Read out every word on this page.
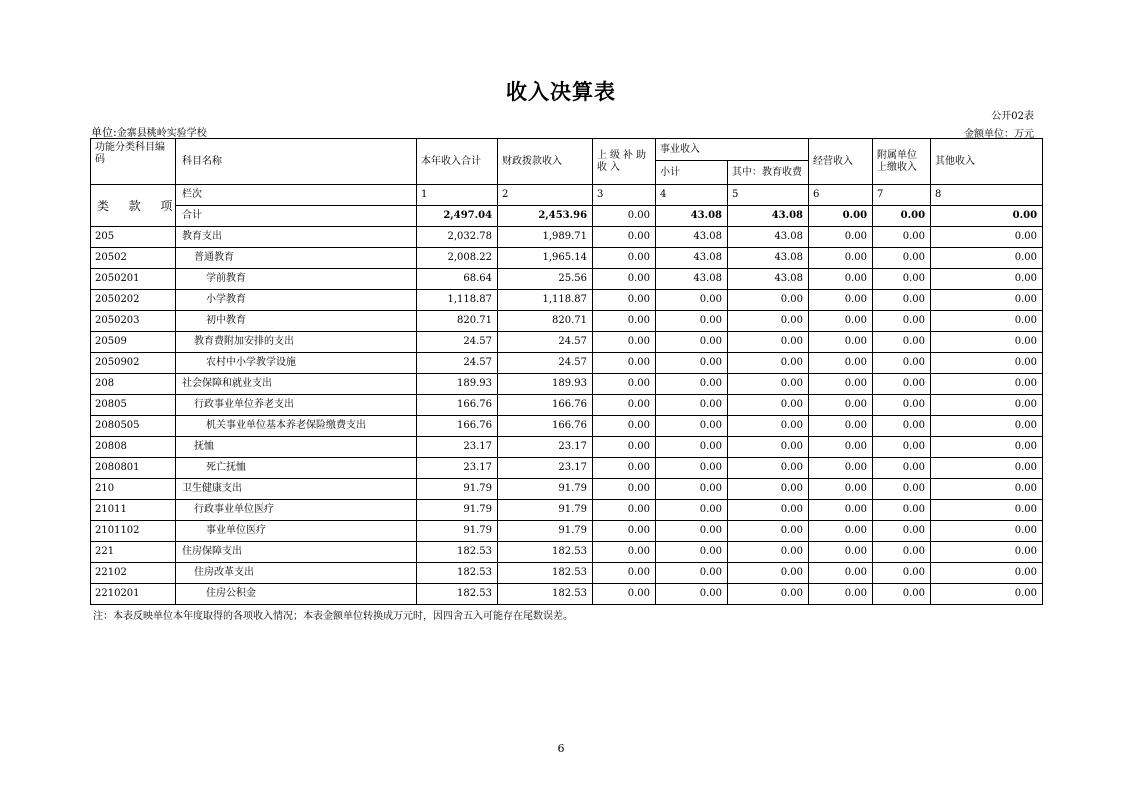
收入决算表
公开02表
单位:金寨县桃岭实验学校	金额单位：万元
功能分类科目编码	科目名称	本年收入合计	财政拨款收入	上级补助收入	事业收入		经营收入	附属单位上缴收入	其他收入
					小计	其中：教育收费			
类 款 项	栏次	1	2	3	4	5	6	7	8
	合计	2,497.04	2,453.96	0.00	43.08	43.08	0.00	0.00	0.00
205	教育支出	2,032.78	1,989.71	0.00	43.08	43.08	0.00	0.00	0.00
20502	普通教育	2,008.22	1,965.14	0.00	43.08	43.08	0.00	0.00	0.00
2050201	学前教育	68.64	25.56	0.00	43.08	43.08	0.00	0.00	0.00
2050202	小学教育	1,118.87	1,118.87	0.00	0.00	0.00	0.00	0.00	0.00
2050203	初中教育	820.71	820.71	0.00	0.00	0.00	0.00	0.00	0.00
20509	教育费附加安排的支出	24.57	24.57	0.00	0.00	0.00	0.00	0.00	0.00
2050902	农村中小学教学设施	24.57	24.57	0.00	0.00	0.00	0.00	0.00	0.00
208	社会保障和就业支出	189.93	189.93	0.00	0.00	0.00	0.00	0.00	0.00
20805	行政事业单位养老支出	166.76	166.76	0.00	0.00	0.00	0.00	0.00	0.00
2080505	机关事业单位基本养老保险缴费支出	166.76	166.76	0.00	0.00	0.00	0.00	0.00	0.00
20808	抚恤	23.17	23.17	0.00	0.00	0.00	0.00	0.00	0.00
2080801	死亡抚恤	23.17	23.17	0.00	0.00	0.00	0.00	0.00	0.00
210	卫生健康支出	91.79	91.79	0.00	0.00	0.00	0.00	0.00	0.00
21011	行政事业单位医疗	91.79	91.79	0.00	0.00	0.00	0.00	0.00	0.00
2101102	事业单位医疗	91.79	91.79	0.00	0.00	0.00	0.00	0.00	0.00
221	住房保障支出	182.53	182.53	0.00	0.00	0.00	0.00	0.00	0.00
22102	住房改革支出	182.53	182.53	0.00	0.00	0.00	0.00	0.00	0.00
2210201	住房公积金	182.53	182.53	0.00	0.00	0.00	0.00	0.00	0.00
注：本表反映单位本年度取得的各项收入情况；本表金额单位转换成万元时，因四舍五入可能存在尾数误差。
6
